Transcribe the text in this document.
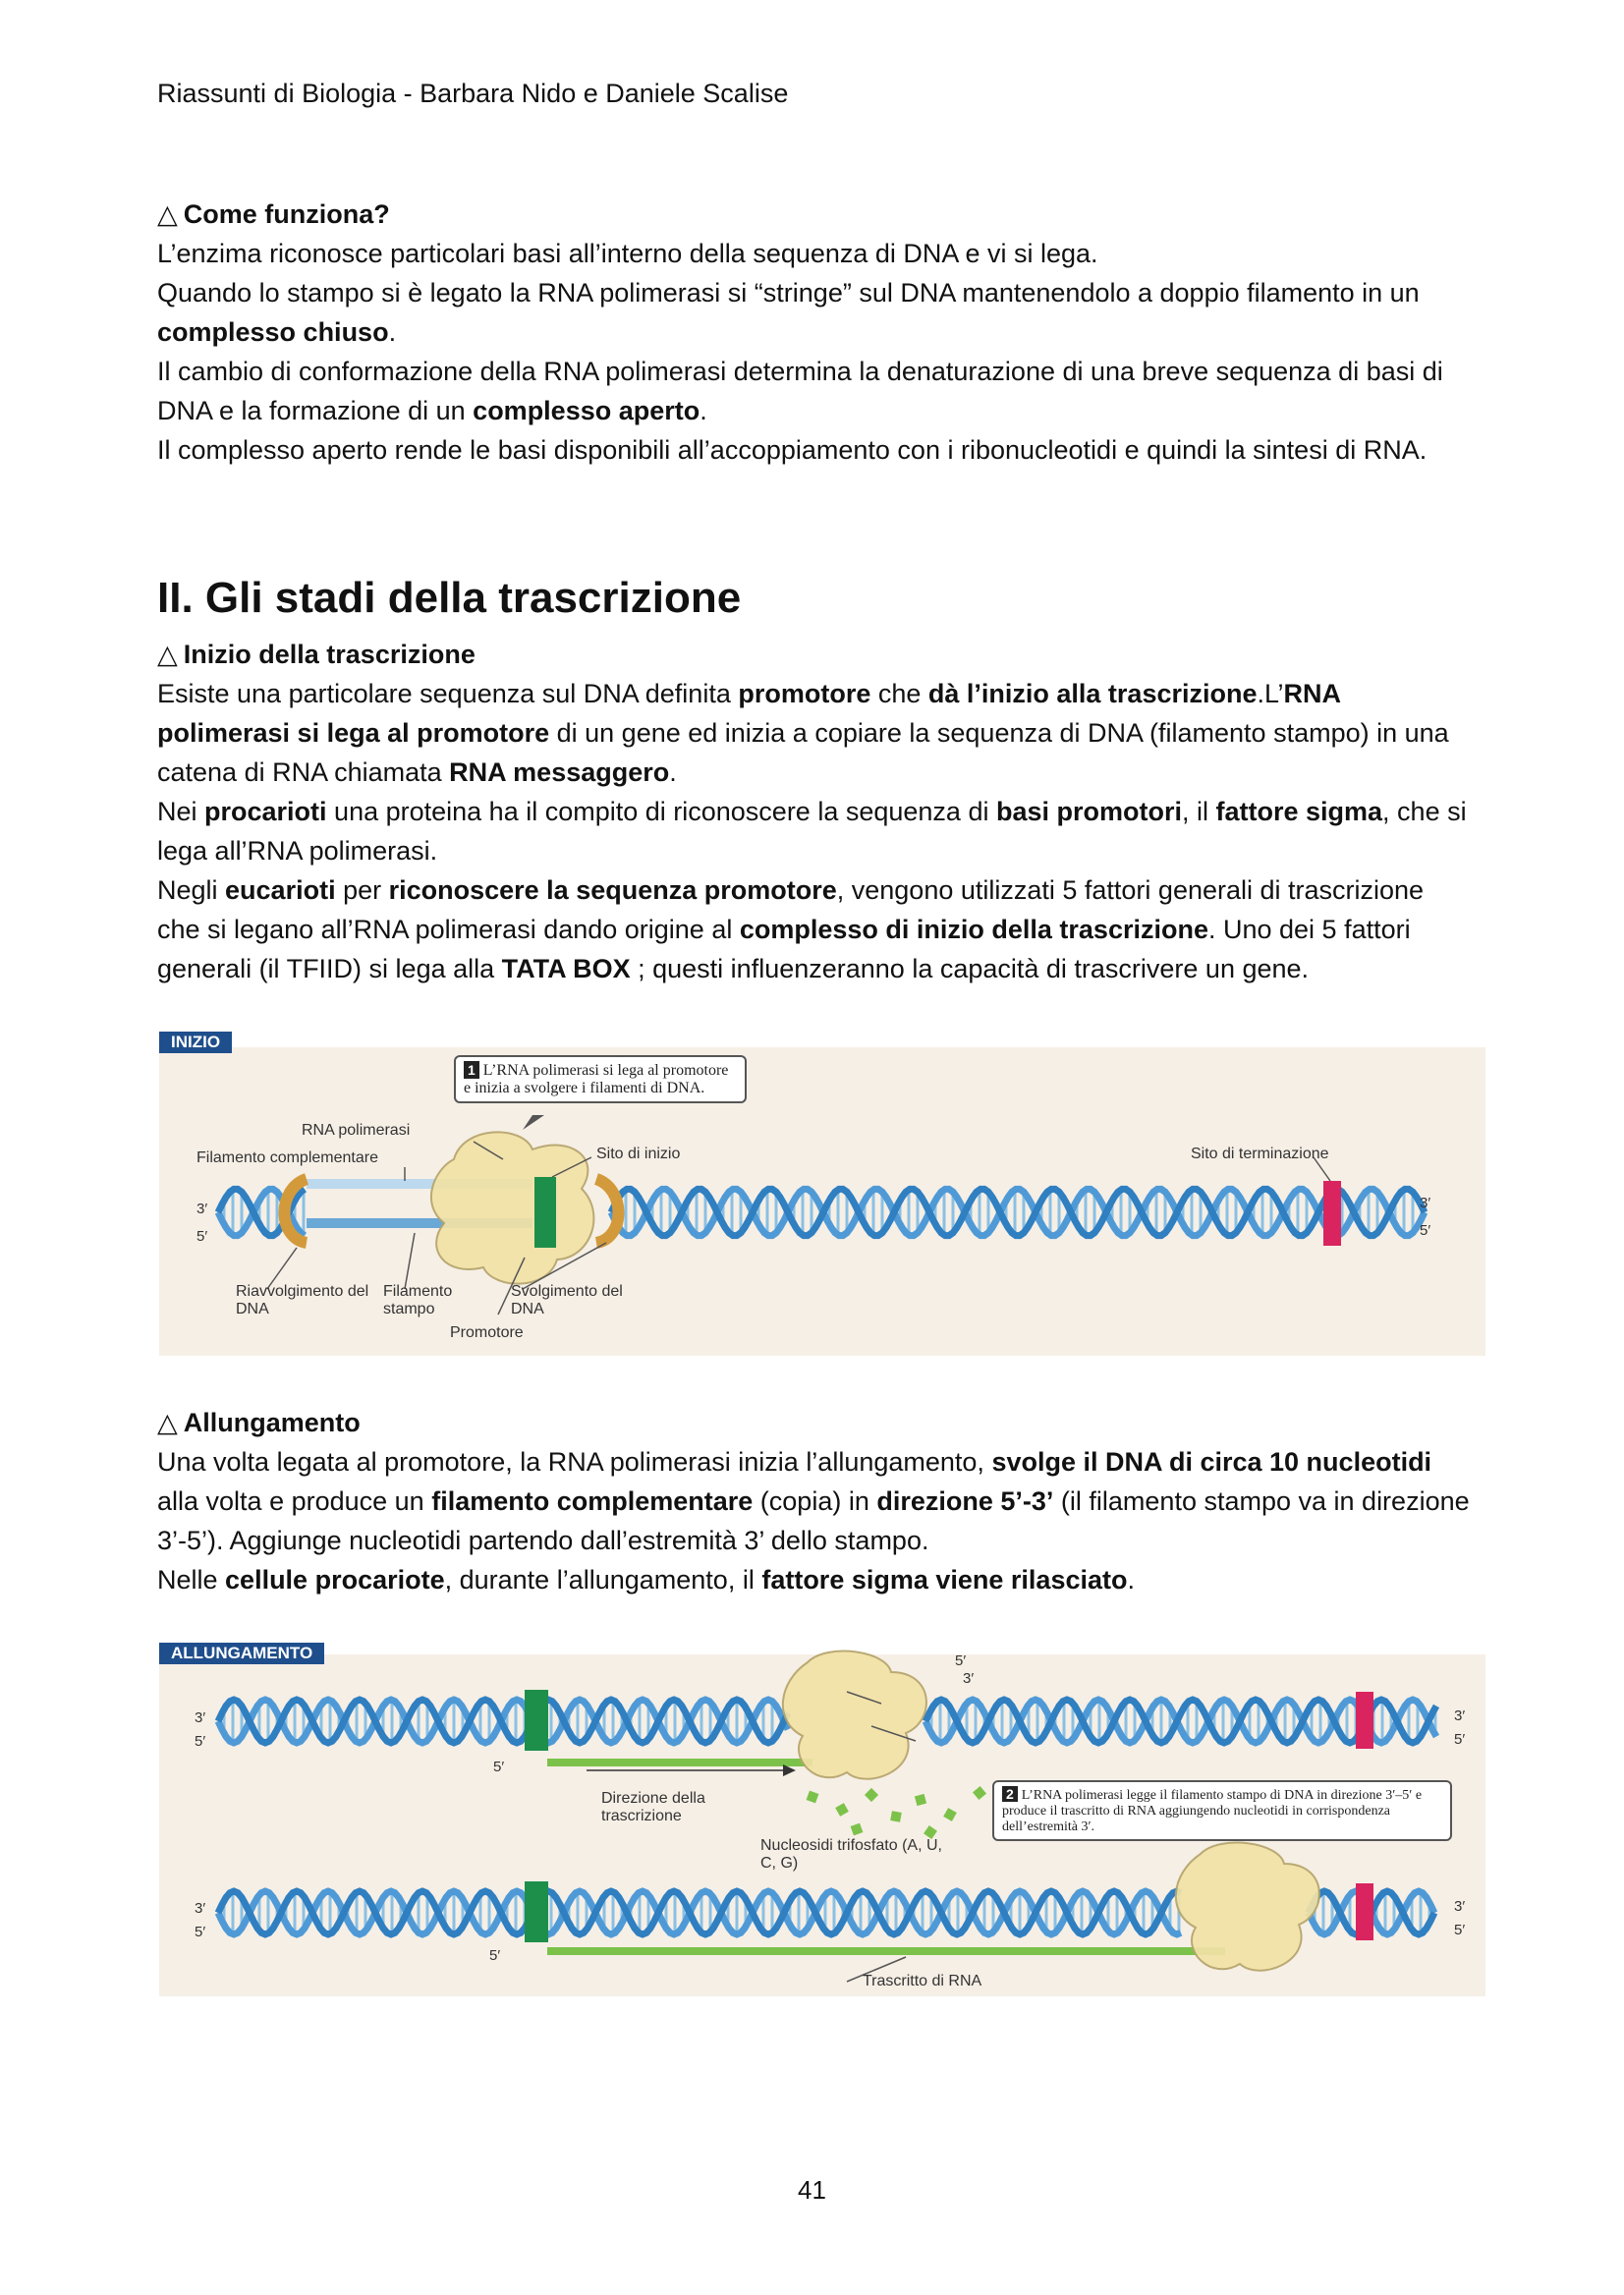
Riassunti di Biologia - Barbara Nido e Daniele Scalise

△ Come funziona?

L’enzima riconosce particolari basi all’interno della sequenza di DNA e vi si lega.

Quando lo stampo si è legato la RNA polimerasi si “stringe” sul DNA mantenendolo a doppio filamento in un complesso chiuso.

Il cambio di conformazione della RNA polimerasi determina la denaturazione di una breve sequenza di basi di DNA e la formazione di un complesso aperto.

Il complesso aperto rende le basi disponibili all’accoppiamento con i ribonucleotidi e quindi la sintesi di RNA.

II. Gli stadi della trascrizione

△ Inizio della trascrizione

Esiste una particolare sequenza sul DNA definita promotore che dà l’inizio alla trascrizione.L’RNA polimerasi si lega al promotore di un gene ed inizia a copiare la sequenza di DNA (filamento stampo) in una catena di RNA chiamata RNA messaggero.

Nei procarioti una proteina ha il compito di riconoscere la sequenza di basi promotori, il fattore sigma, che si lega all’RNA polimerasi.

Negli eucarioti per riconoscere la sequenza promotore, vengono utilizzati 5 fattori generali di trascrizione che si legano all’RNA polimerasi dando origine al complesso di inizio della trascrizione. Uno dei 5 fattori generali (il TFIID) si lega alla TATA BOX ; questi influenzeranno la capacità di trascrivere un gene.

INIZIO
1 L’RNA polimerasi si lega al promotore e inizia a svolgere i filamenti di DNA.
RNA polimerasi
Filamento complementare	Sito di inizio	Sito di terminazione
3′
5′
3′
5′
Riavvolgimento del DNA
Filamento stampo
Svolgimento del DNA
Promotore

△ Allungamento

Una volta legata al promotore, la RNA polimerasi inizia l’allungamento, svolge il DNA di circa 10 nucleotidi alla volta e produce un filamento complementare (copia) in direzione 5’-3’ (il filamento stampo va in direzione 3’-5’). Aggiunge nucleotidi partendo dall’estremità 3’ dello stampo.

Nelle cellule procariote, durante l’allungamento, il fattore sigma viene rilasciato.

ALLUNGAMENTO
3′
5′
3′
5′
5′
5′
3′
Direzione della trascrizione
Nucleosidi trifosfato (A, U, C, G)
2 L’RNA polimerasi legge il filamento stampo di DNA in direzione 3′–5′ e produce il trascritto di RNA aggiungendo nucleotidi in corrispondenza dell’estremità 3′.
3′
5′
3′
5′
5′
Trascritto di RNA
41
